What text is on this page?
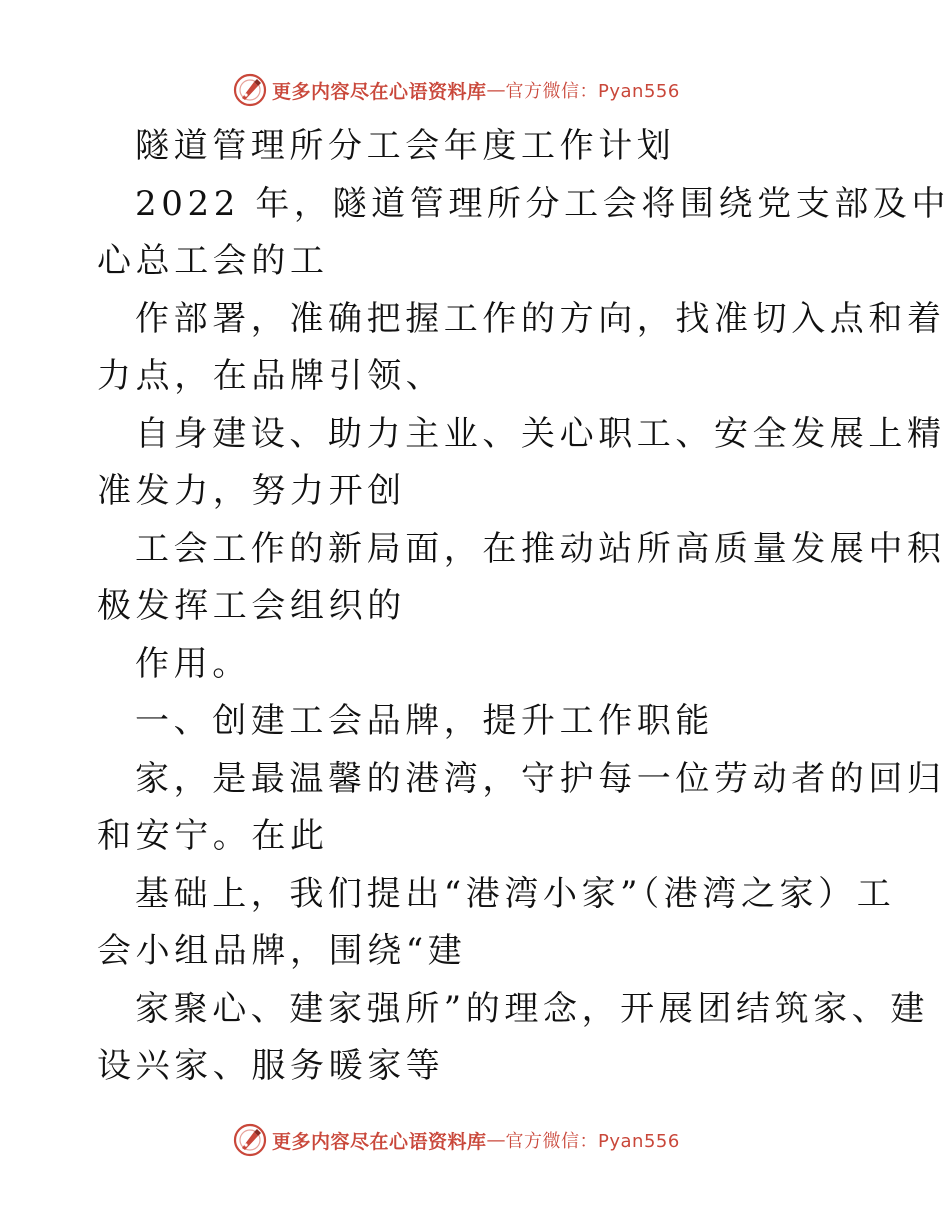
更多内容尽在心语资料库 — 官方微信：Pyan556
隧道管理所分工会年度工作计划
2022 年，隧道管理所分工会将围绕党支部及中
心总工会的工
作部署，准确把握工作的方向，找准切入点和着
力点，在品牌引领、
自身建设、助力主业、关心职工、安全发展上精
准发力，努力开创
工会工作的新局面，在推动站所高质量发展中积
极发挥工会组织的
作用。
一、创建工会品牌，提升工作职能
家，是最温馨的港湾，守护每一位劳动者的回归
和安宁。在此
基础上，我们提出“港湾小家”（港湾之家）工
会小组品牌，围绕“建
家聚心、建家强所”的理念，开展团结筑家、建
设兴家、服务暖家等
更多内容尽在心语资料库 — 官方微信：Pyan556
